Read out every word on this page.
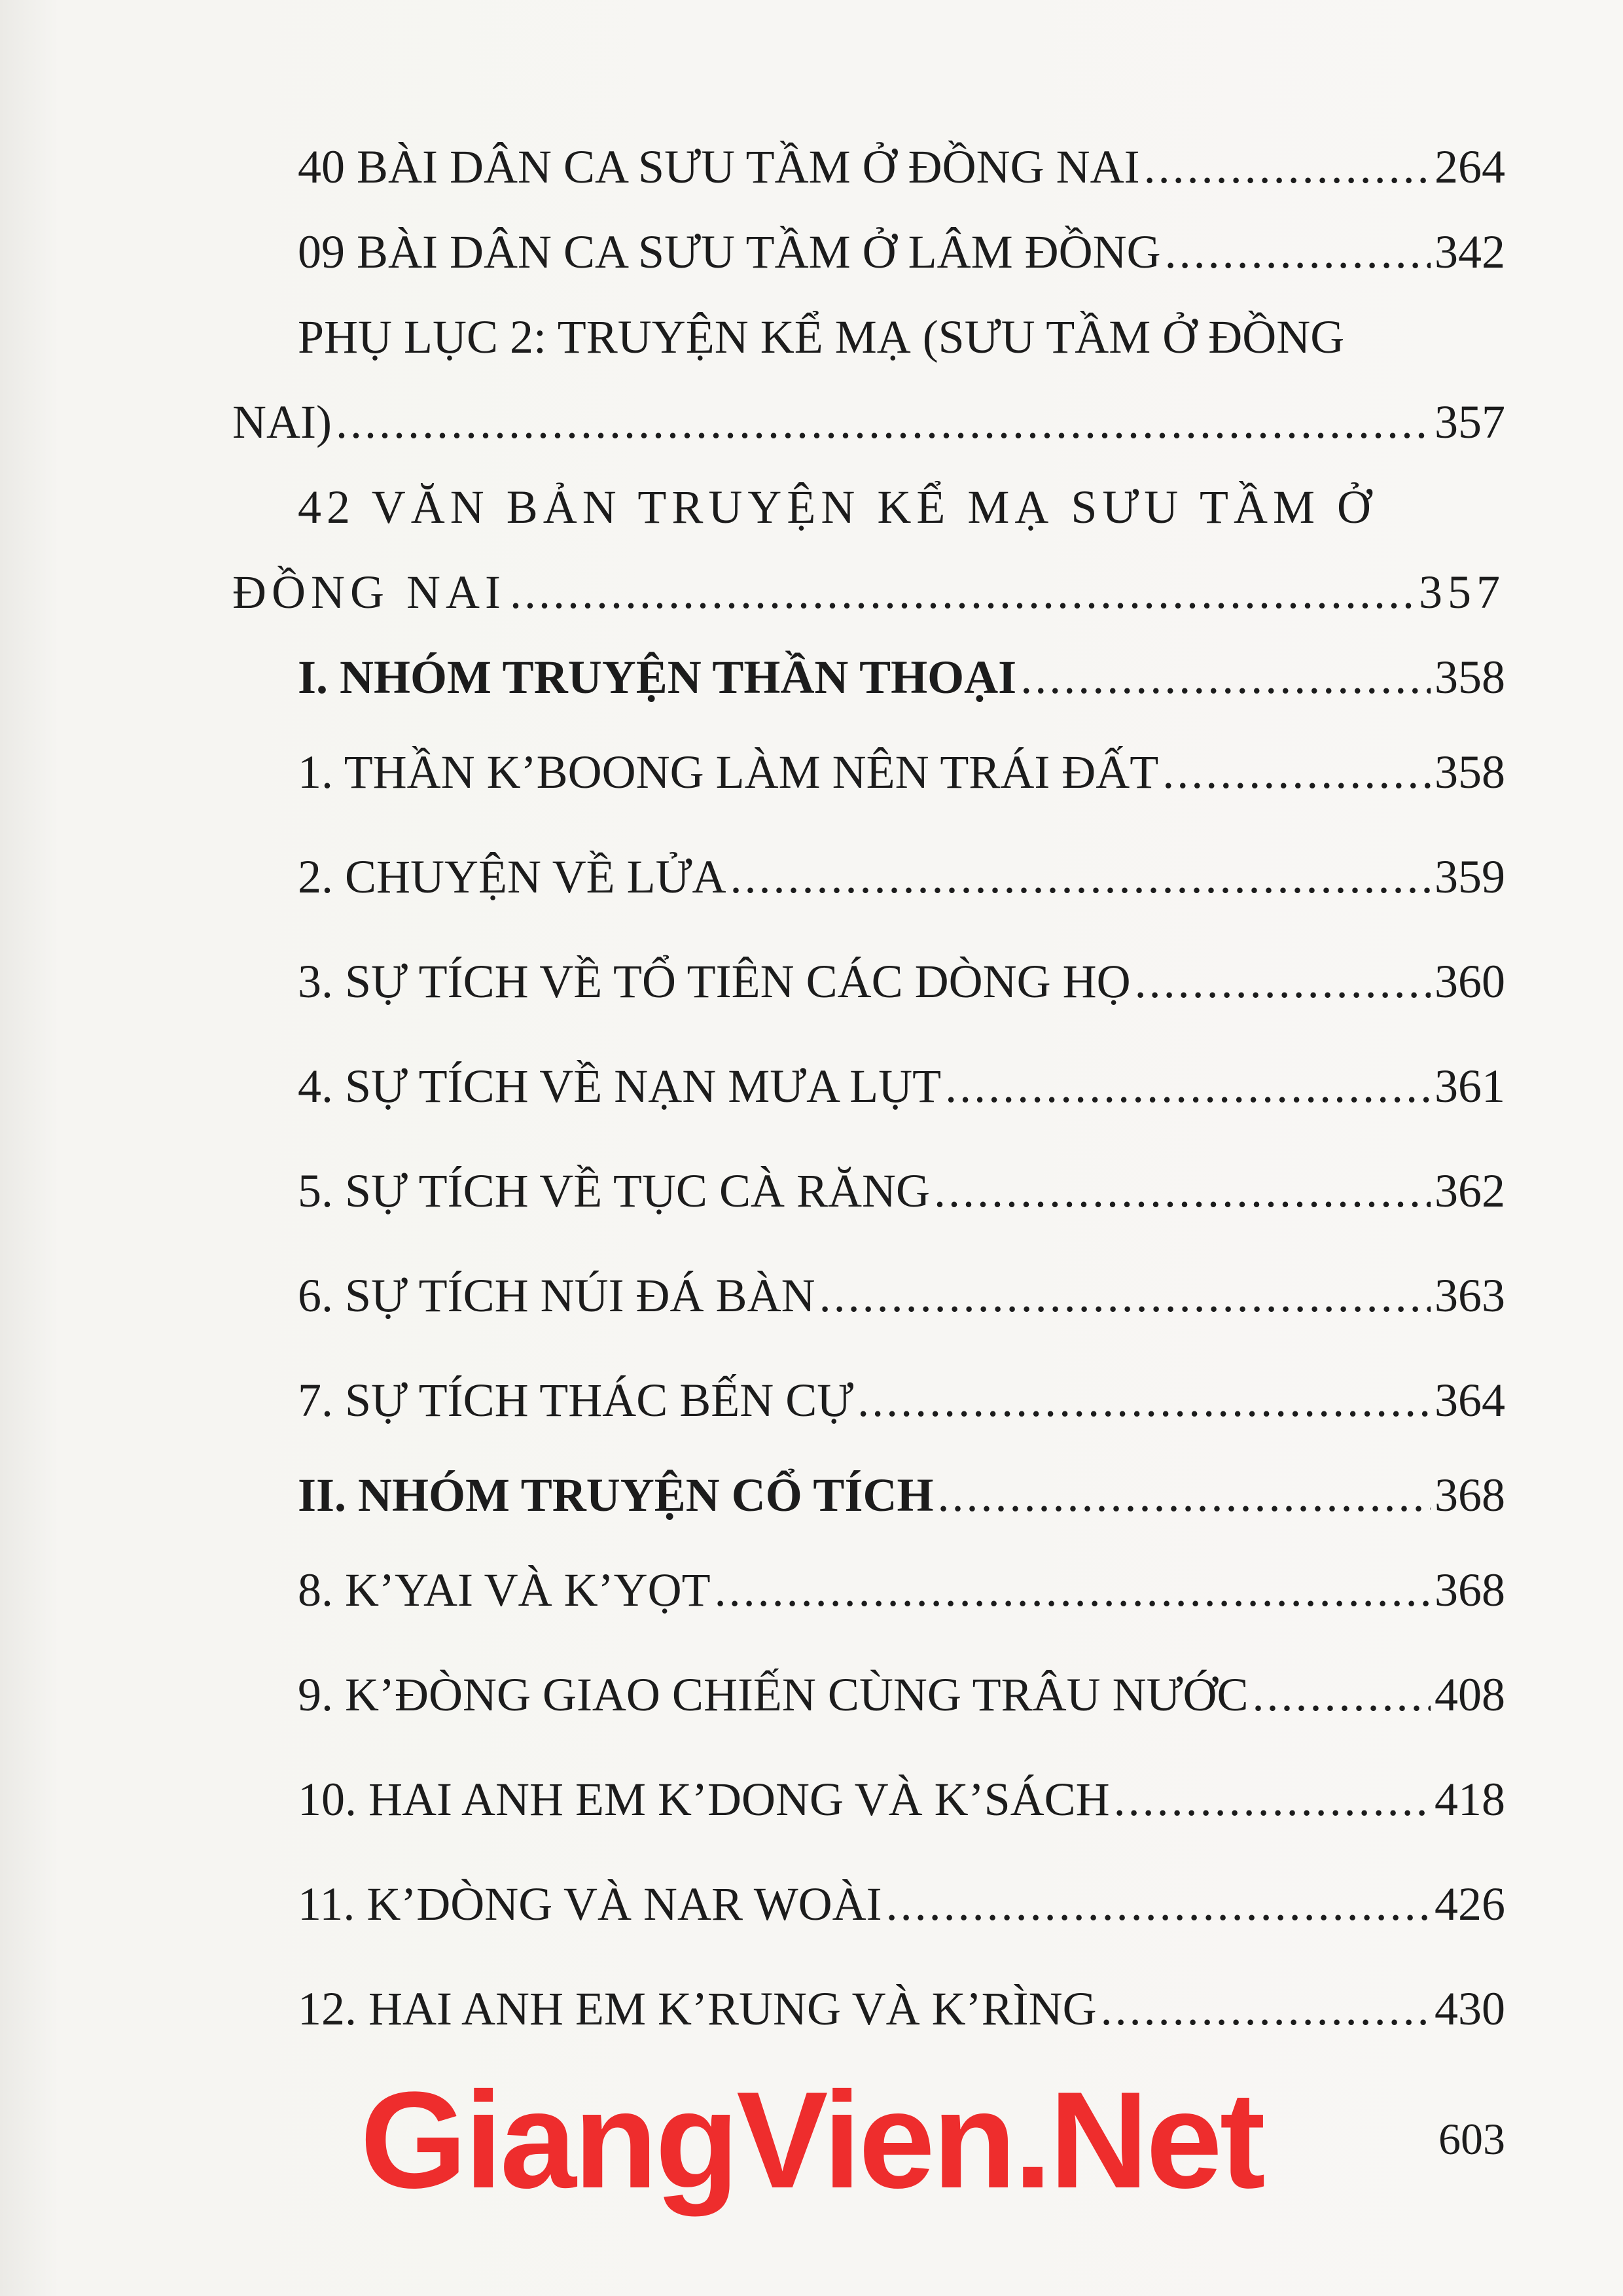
40 BÀI DÂN CA SƯU TẦM Ở ĐỒNG NAI .....	264
09 BÀI DÂN CA SƯU TẦM Ở LÂM ĐỒNG .....	342
PHỤ LỤC 2: TRUYỆN KỂ MẠ (SƯU TẦM Ở ĐỒNG
NAI) .....	357
42 VĂN BẢN TRUYỆN KỂ MẠ SƯU TẦM Ở
ĐỒNG NAI .....	357
I. NHÓM TRUYỆN THẦN THOẠI .....	358
1. THẦN K’BOONG LÀM NÊN TRÁI ĐẤT .....	358
2. CHUYỆN VỀ LỬA .....	359
3. SỰ TÍCH VỀ TỔ TIÊN CÁC DÒNG HỌ .....	360
4. SỰ TÍCH VỀ NẠN MƯA LỤT .....	361
5. SỰ TÍCH VỀ TỤC CÀ RĂNG .....	362
6. SỰ TÍCH NÚI ĐÁ BÀN .....	363
7. SỰ TÍCH THÁC BẾN CỰ .....	364
II. NHÓM TRUYỆN CỔ TÍCH .....	368
8. K’YAI VÀ K’YỌT .....	368
9. K’ĐÒNG GIAO CHIẾN CÙNG TRÂU NƯỚC .....	408
10. HAI ANH EM K’DONG VÀ K’SÁCH .....	418
11. K’DÒNG VÀ NAR WOÀI .....	426
12. HAI ANH EM K’RUNG VÀ K’RÌNG .....	430
GiangVien.Net	603
